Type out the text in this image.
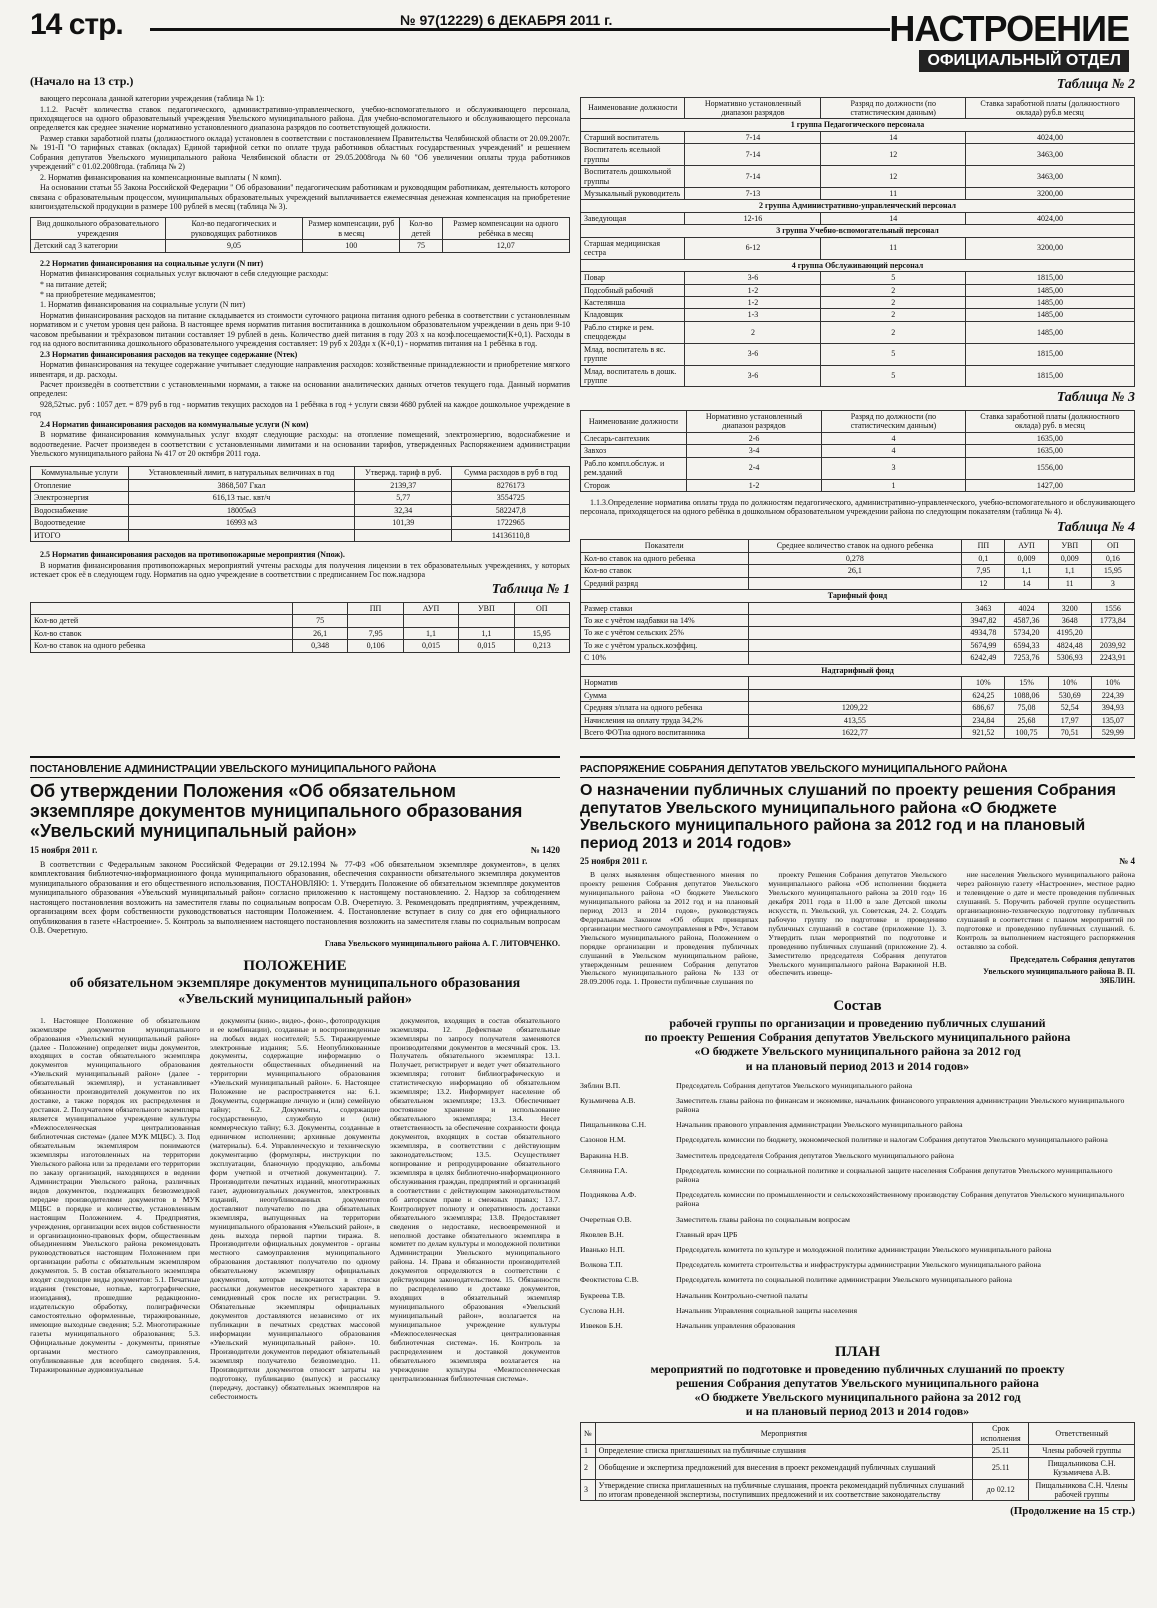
14 стр.	№ 97(12229) 6 ДЕКАБРЯ 2011 г.	НАСТРОЕНИЕ
ОФИЦИАЛЬНЫЙ ОТДЕЛ
(Начало на 13 стр.)

вающего персонала данной категории учреждения (таблица № 1):

1.1.2. Расчёт количества ставок педагогического, административно-управленческого, учебно-вспомогательного и обслуживающего персонала, приходящегося на одного образовательный учреждения Увельского муниципального района. Для учебно-вспомогательного и обслуживающего персонала определяется как среднее значение нормативно установленного диапазона разрядов по соответствующей должности.

Размер ставки заработной платы (должностного оклада) установлен в соответствии с постановлением Правительства Челябинской области от 20.09.2007г. № 191-П "О тарифных ставках (окладах) Единой тарифной сетки по оплате труда работников областных государственных учреждений" и решением Собрания депутатов Увельского муниципального района Челябинской области от 29.05.2008года №60 "Об увеличении оплаты труда работников учреждений" с 01.02.2008года. (таблица № 2)

2. Норматив финансирования на компенсационные выплаты ( N комп).

На основании статьи 55 Закона Российской Федерации " Об образовании" педагогическим работникам и руководящим работникам, деятельность которого связана с образовательным процессом, муниципальных образовательных учреждений выплачивается ежемесячная денежная компенсация на приобретение книгоиздательской продукции в размере 100 рублей в месяц (таблица № 3).

Вид дошкольного образовательного учреждения	Кол-во педагогических и руководящих работников	Размер компенсации, руб в месяц	Кол-во детей	Размер компенсации на одного ребёнка в месяц
Детский сад 3 категории	9,05	100	75	12,07

2.2 Норматив финансирования на социальные услуги (N пит)

Норматив финансирования социальных услуг включают в себя следующие расходы:

* на питание детей;

* на приобретение медикаментов;

1. Норматив финансирования на социальные услуги (N пит)

Норматив финансирования расходов на питание складывается из стоимости суточного рациона питания одного ребенка в соответствии с установленным нормативом и с учетом уровня цен района. В настоящее время норматив питания воспитанника в дошкольном образовательном учреждении в день при 9-10 часовом пребывании и трёхразовом питании составляет 19 рублей в день. Количество дней питания в году 203 х на коэф.посещаемости(К+0,1). Расходы в год на одного воспитанника дошкольного образовательного учреждения составляет: 19 руб х 203дн х (К+0,1) - норматив питания на 1 ребёнка в год.

2.3 Норматив финансирования расходов на текущее содержание (Nтек)

Норматив финансирования на текущее содержание учитывает следующие направления расходов: хозяйственные принадлежности и приобретение мягкого инвентаря, и др. расходы.

Расчет произведён в соответствии с установленными нормами, а также на основании аналитических данных отчетов текущего года. Данный норматив определен:

928,52тыс. руб : 1057 дет. = 879 руб в год - норматив текущих расходов на 1 ребёнка в год + услуги связи 4680 рублей на каждое дошкольное учреждение в год

2.4 Норматив финансирования расходов на коммунальные услуги (N ком)

В нормативе финансирования коммунальных услуг входят следующие расходы: на отопление помещений, электроэнергию, водоснабжение и водоотведение. Расчет произведен в соответствии с установленными лимитами и на основании тарифов, утвержденных Распоряжением администрации Увельского муниципального района № 417 от 20 октября 2011 года.

Коммунальные услуги	Установленный лимит, в натуральных величинах в год	Утвержд. тариф в руб.	Сумма расходов в руб в год
Отопление	3868,507 Гкал	2139,37	8276173
Электроэнергия	616,13 тыс. квт/ч	5,77	3554725
Водоснабжение	18005м3	32,34	582247,8
Водоотведение	16993 м3	101,39	1722965
ИТОГО			14136110,8

2.5 Норматив финансирования расходов на противопожарные мероприятия (Nпож).

В норматив финансирования противопожарных мероприятий учтены расходы для получения лицензии в тех образовательных учреждениях, у которых истекает срок её в следующем году. Норматив на одно учреждение в соответствии с предписанием Гос пож.надзора

Таблица № 1
		ПП	АУП	УВП	ОП
Кол-во детей	75				
Кол-во ставок	26,1	7,95	1,1	1,1	15,95
Кол-во ставок на одного ребенка	0,348	0,106	0,015	0,015	0,213
Таблица № 2
Наименование должности	Нормативно установленный диапазон разрядов	Разряд по должности (по статистическим данным)	Ставка заработной платы (должностного оклада) руб.в месяц
1 группа Педагогического персонала			
Старший воспитатель	7-14	14	4024,00
Воспитатель ясельной группы	7-14	12	3463,00
Воспитатель дошкольной группы	7-14	12	3463,00
Музыкальный руководитель	7-13	11	3200,00
2 группа Административно-управленческий персонал			
Заведующая	12-16	14	4024,00
3 группа Учебно-вспомогательный персонал			
Старшая медицинская сестра	6-12	11	3200,00
4 группа Обслуживающий персонал			
Повар	3-6	5	1815,00
Подсобный рабочий	1-2	2	1485,00
Кастелянша	1-2	2	1485,00
Кладовщик	1-3	2	1485,00
Раб.по стирке и рем. спецодежды	2	2	1485,00
Млад. воспитатель в яс. группе	3-6	5	1815,00
Млад. воспитатель в дошк. группе	3-6	5	1815,00
Таблица № 3
Наименование должности	Нормативно установленный диапазон разрядов	Разряд по должности (по статистическим данным)	Ставка заработной платы (должностного оклада) руб. в месяц
Слесарь-сантехник	2-6	4	1635,00
Завхоз	3-4	4	1635,00
Раб.по компл.обслуж. и рем.зданий	2-4	3	1556,00
Сторож	1-2	1	1427,00

1.1.3.Определение норматива оплаты труда по должностям педагогического, административно-управленческого, учебно-вспомогательного и обслуживающего персонала, приходящегося на одного ребёнка в дошкольном образовательном учреждении района по следующим показателям (таблица № 4).

Таблица № 4
Показатели	Среднее количество ставок на одного ребенка	ПП	АУП	УВП	ОП
Кол-во ставок на одного ребенка	0,278	0,1	0,009	0,009	0,16
Кол-во ставок	26,1	7,95	1,1	1,1	15,95
Средний разряд		12	14	11	3
Тарифный фонд					
Размер ставки		3463	4024	3200	1556
То же с учётом надбавки на 14%		3947,82	4587,36	3648	1773,84
То же с учётом сельских 25%		4934,78	5734,20	4195,20	
То же с учётом уральск.коэффиц.		5674,99	6594,33	4824,48	2039,92
С 10%		6242,49	7253,76	5306,93	2243,91
Надтарифный фонд					
Норматив		10%	15%	10%	10%
Сумма		624,25	1088,06	530,69	224,39
Средняя з/плата на одного ребенка	1209,22	686,67	75,08	52,54	394,93
Начисления на оплату труда 34,2%	413,55	234,84	25,68	17,97	135,07
Всего ФОТна одного воспитанника	1622,77	921,52	100,75	70,51	529,99
ПОСТАНОВЛЕНИЕ АДМИНИСТРАЦИИ УВЕЛЬСКОГО МУНИЦИПАЛЬНОГО РАЙОНА
Об утверждении Положения «Об обязательном экземпляре документов муниципального образования «Увельский муниципальный район»
15 ноября 2011 г.	№ 1420

В соответствии с Федеральным законом Российской Федерации от 29.12.1994 № 77-ФЗ «Об обязательном экземпляре документов», в целях комплектования библиотечно-информационного фонда муниципального образования, обеспечения сохранности обязательного экземпляра документов муниципального образования и его общественного использования, ПОСТАНОВЛЯЮ: 1. Утвердить Положение об обязательном экземпляре документов муниципального образования «Увельский муниципальный район» согласно приложению к настоящему постановлению. 2. Надзор за соблюдением настоящего постановления возложить на заместителя главы по социальным вопросам О.В. Очеретную. 3. Рекомендовать предприятиям, учреждениям, организациям всех форм собственности руководствоваться настоящим Положением. 4. Постановление вступает в силу со дня его официального опубликования в газете «Настроение». 5. Контроль за выполнением настоящего постановления возложить на заместителя главы по социальным вопросам О.В. Очеретную.

Глава Увельского муниципального района А. Г. ЛИТОВЧЕНКО.
ПОЛОЖЕНИЕ
об обязательном экземпляре документов муниципального образования
«Увельский муниципальный район»

1. Настоящее Положение об обязательном экземпляре документов муниципального образования «Увельский муниципальный район» (далее - Положение) определяет виды документов, входящих в состав обязательного экземпляра документов муниципального образования «Увельский муниципальный район» (далее - обязательный экземпляр), и устанавливает обязанности производителей документов по их доставке, а также порядок их распределения и доставки. 2. Получателем обязательного экземпляра является муниципальное учреждение культуры «Межпоселенческая централизованная библиотечная система» (далее МУК МЦБС). 3. Под обязательным экземпляром понимаются экземпляры изготовленных на территории Увельского района или за пределами его территории по заказу организаций, находящихся в ведении Администрации Увельского района, различных видов документов, подлежащих безвозмездной передаче производителями документов в МУК МЦБС в порядке и количестве, установленным настоящим Положением. 4. Предприятия, учреждения, организации всех видов собственности и организационно-правовых форм, общественным объединениям Увельского района рекомендовать руководствоваться настоящим Положением при организации работы с обязательным экземпляром документов. 5. В состав обязательного экземпляра входят следующие виды документов: 5.1. Печатные издания (текстовые, нотные, картографические, изоиздания), прошедшие редакционно-издательскую обработку, полиграфически самостоятельно оформленные, тиражированные, имеющие выходные сведения; 5.2. Многотиражные газеты муниципального образования; 5.3. Официальные документы - документы, принятые органами местного самоуправления, опубликованные для всеобщего сведения. 5.4. Тиражированные аудиовизуальные

документы (кино-, видео-, фоно-, фотопродукция и ее комбинации), созданные и воспроизведенные на любых видах носителей; 5.5. Тиражируемые электронные издания; 5.6. Неопубликованные документы, содержащие информацию о деятельности общественных объединений на территории муниципального образования «Увельский муниципальный район». 6. Настоящее Положение не распространяется на: 6.1. Документы, содержащие личную и (или) семейную тайну; 6.2. Документы, содержащие государственную, служебную и (или) коммерческую тайну; 6.3. Документы, созданные в единичном исполнении; архивные документы (материалы). 6.4. Управленческую и техническую документацию (формуляры, инструкции по эксплуатации, бланочную продукцию, альбомы форм учетной и отчетной документации). 7. Производители печатных изданий, многотиражных газет, аудиовизуальных документов, электронных изданий, неопубликованных документов доставляют получателю по два обязательных экземпляра, выпущенных на территории муниципального образования «Увельский район», в день выхода первой партии тиража. 8. Производители официальных документов - органы местного самоуправления муниципального образования доставляют получателю по одному обязательному экземпляру официальных документов, которые включаются в списки рассылки документов несекретного характера в семидневный срок после их регистрации. 9. Обязательные экземпляры официальных документов доставляются независимо от их публикации в печатных средствах массовой информации муниципального образования «Увельский муниципальный район». 10. Производители документов передают обязательный экземпляр получателю безвозмездно. 11. Производители документов относят затраты на подготовку, публикацию (выпуск) и рассылку (передачу, доставку) обязательных экземпляров на себестоимость

документов, входящих в состав обязательного экземпляра. 12. Дефектные обязательные экземпляры по запросу получателя заменяются производителями документов в месячный срок. 13. Получатель обязательного экземпляра: 13.1. Получает, регистрирует и ведет учет обязательного экземпляра; готовит библиографическую и статистическую информацию об обязательном экземпляре; 13.2. Информирует население об обязательном экземпляре; 13.3. Обеспечивает постоянное хранение и использование обязательного экземпляра; 13.4. Несет ответственность за обеспечение сохранности фонда документов, входящих в состав обязательного экземпляра, в соответствии с действующим законодательством; 13.5. Осуществляет копирование и репродуцирование обязательного экземпляра в целях библиотечно-информационного обслуживания граждан, предприятий и организаций в соответствии с действующим законодательством об авторском праве и смежных правах; 13.7. Контролирует полноту и оперативность доставки обязательного экземпляра; 13.8. Предоставляет сведения о недоставке, несвоевременной и неполной доставке обязательного экземпляра в комитет по делам культуры и молодежной политики Администрации Увельского муниципального района. 14. Права и обязанности производителей документов определяются в соответствии с действующим законодательством. 15. Обязанности по распределению и доставке документов, входящих в обязательный экземпляр муниципального образования «Увельский муниципальный район», возлагается на муниципальное учреждение культуры «Межпоселенческая централизованная библиотечная система». 16. Контроль за распределением и доставкой документов обязательного экземпляра возлагается на учреждение культуры «Межпоселенческая централизованная библиотечная система».

РАСПОРЯЖЕНИЕ СОБРАНИЯ ДЕПУТАТОВ УВЕЛЬСКОГО МУНИЦИПАЛЬНОГО РАЙОНА
О назначении публичных слушаний по проекту решения Собрания депутатов Увельского муниципального района «О бюджете Увельского муниципального района за 2012 год и на плановый период 2013 и 2014 годов»
25 ноября 2011 г.	№ 4

В целях выявления общественного мнения по проекту решения Собрания депутатов Увельского муниципального района «О бюджете Увельского муниципального района за 2012 год и на плановый период 2013 и 2014 годов», руководствуясь Федеральным Законом «Об общих принципах организации местного самоуправления в РФ», Уставом Увельского муниципального района, Положением о порядке организации и проведения публичных слушаний в Увельском муниципальном районе, утвержденным решением Собрания депутатов Увельского муниципального района № 133 от 28.09.2006 года. 1. Провести публичные слушания по

проекту Решения Собрания депутатов Увельского муниципального района «Об исполнении бюджета Увельского муниципального района за 2010 год» 16 декабря 2011 года в 11.00 в зале Детской школы искусств, п. Увельский, ул. Советская, 24. 2. Создать рабочую группу по подготовке и проведению публичных слушаний в составе (приложение 1). 3. Утвердить план мероприятий по подготовке и проведению публичных слушаний (приложение 2). 4. Заместителю председателя Собрания депутатов Увельского муниципального района Варакиной Н.В. обеспечить извеще-

ние населения Увельского муниципального района через районную газету «Настроение», местное радио и телевидение о дате и месте проведения публичных слушаний. 5. Поручить рабочей группе осуществить организационно-техническую подготовку публичных слушаний в соответствии с планом мероприятий по подготовке и проведению публичных слушаний. 6. Контроль за выполнением настоящего распоряжения оставляю за собой.

Председатель Собрания депутатов
Увельского муниципального района В. П. ЗЯБЛИН.
Состав
рабочей группы по организации и проведению публичных слушаний
по проекту Решения Собрания депутатов Увельского муниципального района
«О бюджете Увельского муниципального района за 2012 год
и на плановый период 2013 и 2014 годов»
Зяблин В.П.	Председатель Собрания депутатов Увельского муниципального района
Кузьмичева А.В.	Заместитель главы района по финансам и экономике, начальник финансового управления администрации Увельского муниципального района
Пищальникова С.Н.	Начальник правового управления администрации Увельского муниципального района
Сазонов Н.М.	Председатель комиссии по бюджету, экономической политике и налогам Собрания депутатов Увельского муниципального района
Варакина Н.В.	Заместитель председателя Собрания депутатов Увельского муниципального района
Селянина Г.А.	Председатель комиссии по социальной политике и социальной защите населения Собрания депутатов Увельского муниципального района
Позднякова А.Ф.	Председатель комиссии по промышленности и сельскохозяйственному производству Собрания депутатов Увельского муниципального района
Очеретная О.В.	Заместитель главы района по социальным вопросам
Яковлев В.Н.	Главный врач ЦРБ
Иванько Н.П.	Председатель комитета по культуре и молодежной политике администрации Увельского муниципального района
Волкова Т.П.	Председатель комитета строительства и инфраструктуры администрации Увельского муниципального района
Феоктистова С.В.	Председатель комитета по социальной политике администрации Увельского муниципального района
Букреева Т.В.	Начальник Контрольно-счетной палаты
Суслова Н.Н.	Начальник Управления социальной защиты населения
Извеков Б.Н.	Начальник управления образования
ПЛАН
мероприятий по подготовке и проведению публичных слушаний по проекту
решения Собрания депутатов Увельского муниципального района
«О бюджете Увельского муниципального района за 2012 год
и на плановый период 2013 и 2014 годов»
№	Мероприятия	Срок исполнения	Ответственный
1	Определение списка приглашенных на публичные слушания	25.11	Члены рабочей группы
2	Обобщение и экспертиза предложений для внесения в проект рекомендаций публичных слушаний	25.11	Пищальникова С.Н. Кузьмичева А.В.
3	Утверждение списка приглашенных на публичные слушания, проекта рекомендаций публичных слушаний по итогам проведенной экспертизы, поступивших предложений и их соответствие законодательству	до 02.12	Пищальникова С.Н. Члены рабочей группы
(Продолжение на 15 стр.)
